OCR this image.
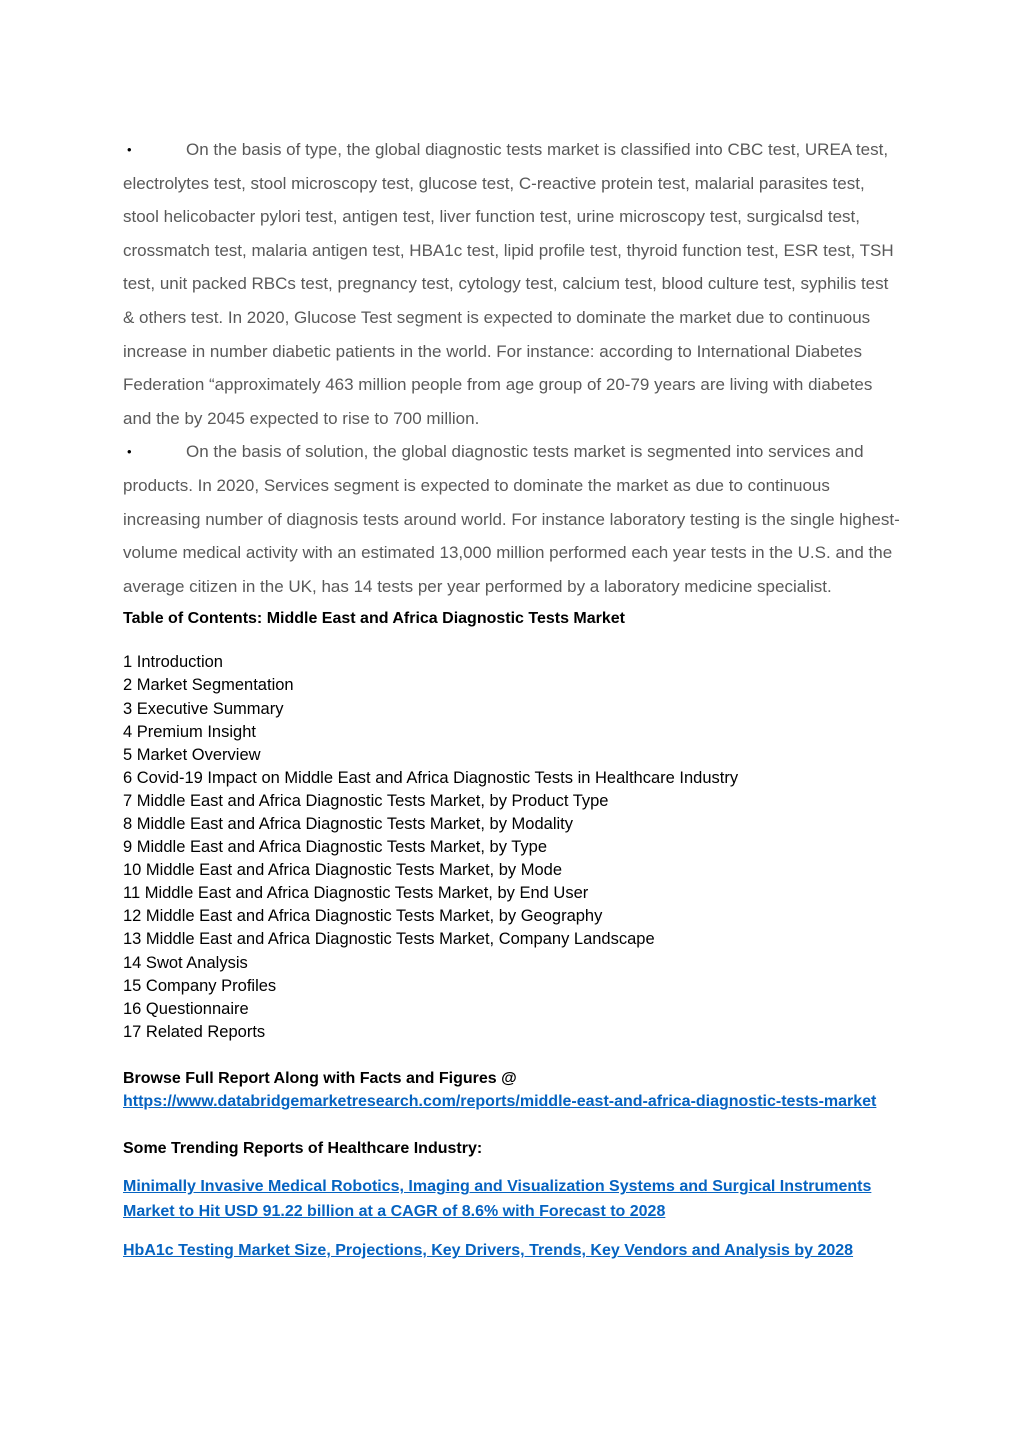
•	On the basis of type, the global diagnostic tests market is classified into CBC test, UREA test, electrolytes test, stool microscopy test, glucose test, C-reactive protein test, malarial parasites test, stool helicobacter pylori test, antigen test, liver function test, urine microscopy test, surgicalsd test, crossmatch test, malaria antigen test, HBA1c test, lipid profile test, thyroid function test, ESR test, TSH test, unit packed RBCs test, pregnancy test, cytology test, calcium test, blood culture test, syphilis test & others test. In 2020, Glucose Test segment is expected to dominate the market due to continuous increase in number diabetic patients in the world. For instance: according to International Diabetes Federation “approximately 463 million people from age group of 20-79 years are living with diabetes and the by 2045 expected to rise to 700 million.
•	On the basis of solution, the global diagnostic tests market is segmented into services and products. In 2020, Services segment is expected to dominate the market as due to continuous increasing number of diagnosis tests around world. For instance laboratory testing is the single highest-volume medical activity with an estimated 13,000 million performed each year tests in the U.S. and the average citizen in the UK, has 14 tests per year performed by a laboratory medicine specialist.
Table of Contents: Middle East and Africa Diagnostic Tests Market
1 Introduction
2 Market Segmentation
3 Executive Summary
4 Premium Insight
5 Market Overview
6 Covid-19 Impact on Middle East and Africa Diagnostic Tests in Healthcare Industry
7 Middle East and Africa Diagnostic Tests Market, by Product Type
8 Middle East and Africa Diagnostic Tests Market, by Modality
9 Middle East and Africa Diagnostic Tests Market, by Type
10 Middle East and Africa Diagnostic Tests Market, by Mode
11 Middle East and Africa Diagnostic Tests Market, by End User
12 Middle East and Africa Diagnostic Tests Market, by Geography
13 Middle East and Africa Diagnostic Tests Market, Company Landscape
14 Swot Analysis
15 Company Profiles
16 Questionnaire
17 Related Reports
Browse Full Report Along with Facts and Figures @
https://www.databridgemarketresearch.com/reports/middle-east-and-africa-diagnostic-tests-market
Some Trending Reports of Healthcare Industry:
Minimally Invasive Medical Robotics, Imaging and Visualization Systems and Surgical Instruments Market to Hit USD 91.22 billion at a CAGR of 8.6% with Forecast to 2028
HbA1c Testing Market Size, Projections, Key Drivers, Trends, Key Vendors and Analysis by 2028
